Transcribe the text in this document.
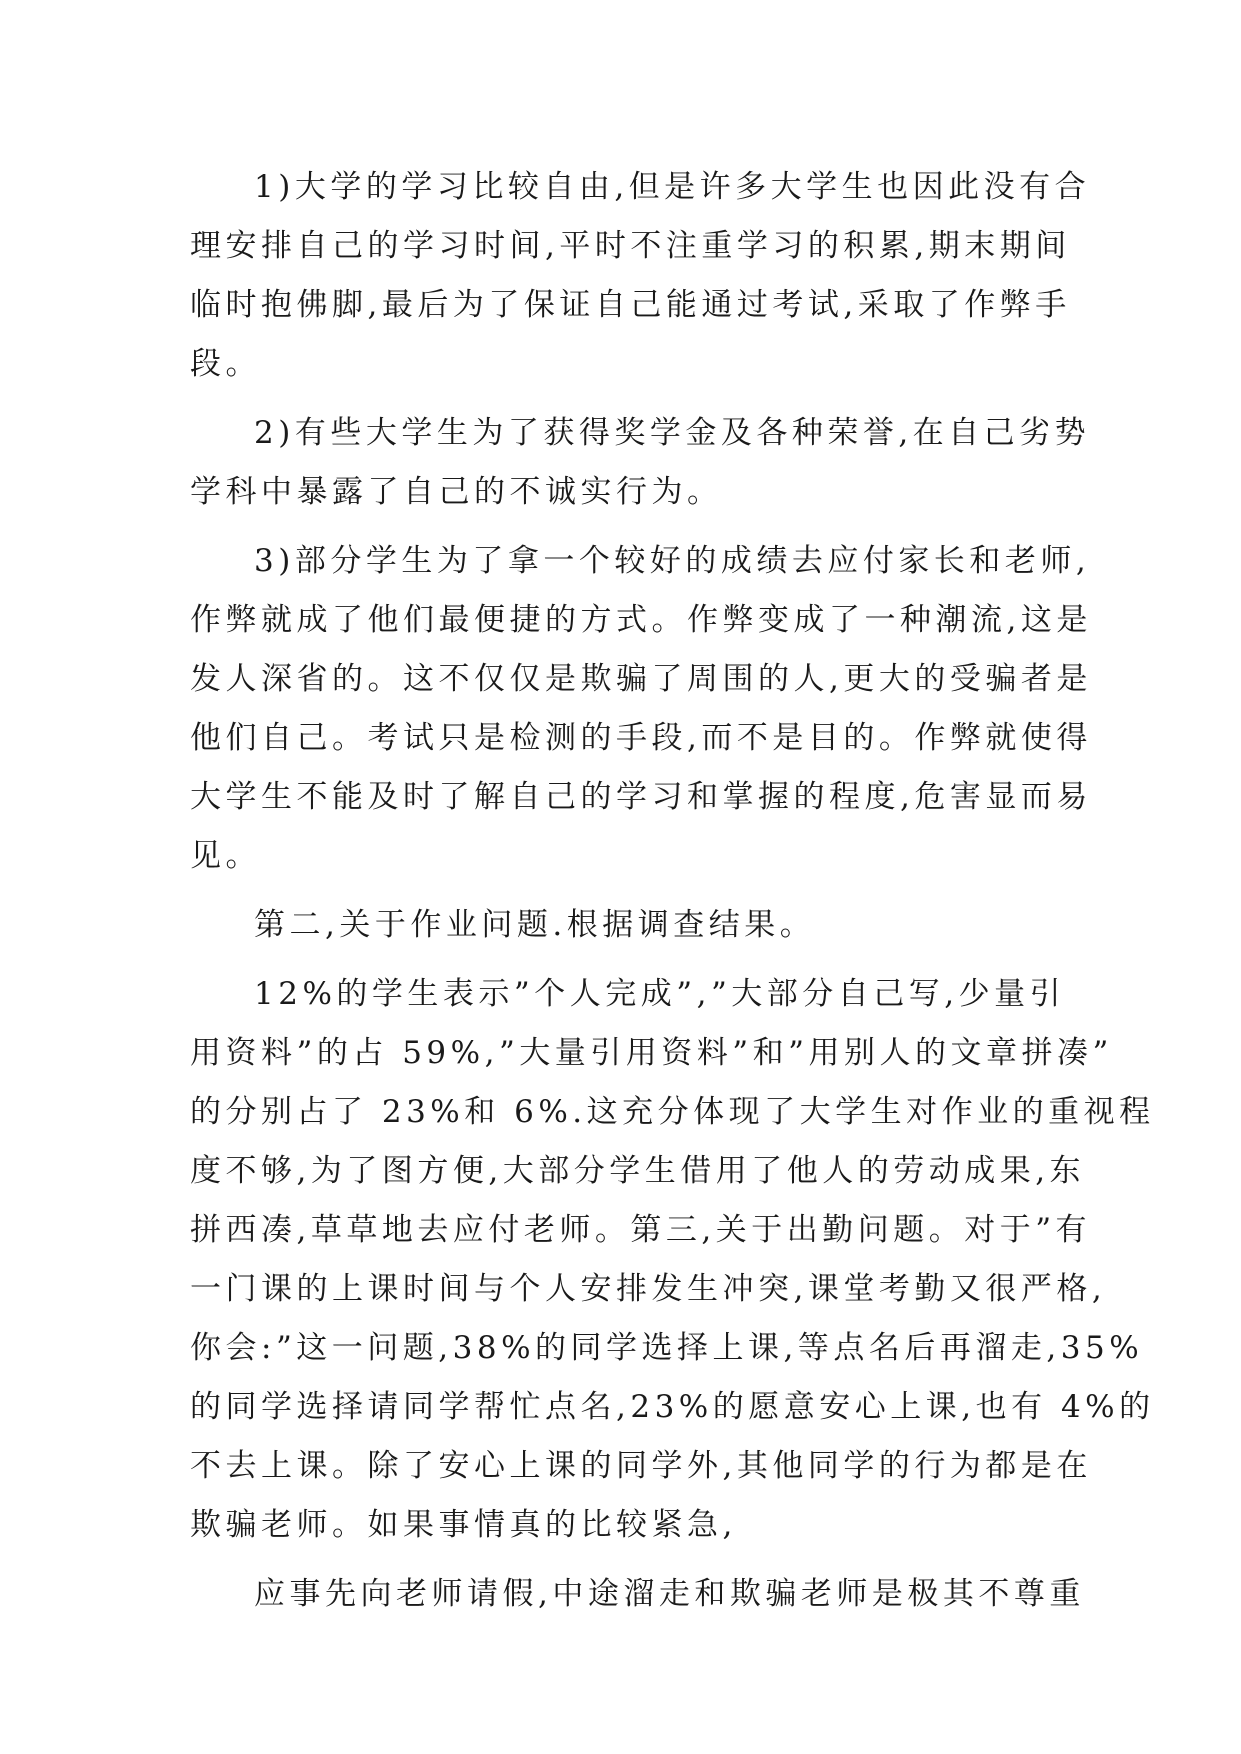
1)大学的学习比较自由,但是许多大学生也因此没有合
理安排自己的学习时间,平时不注重学习的积累,期末期间
临时抱佛脚,最后为了保证自己能通过考试,采取了作弊手
段。
2)有些大学生为了获得奖学金及各种荣誉,在自己劣势
学科中暴露了自己的不诚实行为。
3)部分学生为了拿一个较好的成绩去应付家长和老师,
作弊就成了他们最便捷的方式。作弊变成了一种潮流,这是
发人深省的。这不仅仅是欺骗了周围的人,更大的受骗者是
他们自己。考试只是检测的手段,而不是目的。作弊就使得
大学生不能及时了解自己的学习和掌握的程度,危害显而易
见。
第二,关于作业问题.根据调查结果。
12%的学生表示”个人完成”,”大部分自己写,少量引
用资料”的占 59%,”大量引用资料”和”用别人的文章拼凑”
的分别占了 23%和 6%.这充分体现了大学生对作业的重视程
度不够,为了图方便,大部分学生借用了他人的劳动成果,东
拼西凑,草草地去应付老师。第三,关于出勤问题。对于”有
一门课的上课时间与个人安排发生冲突,课堂考勤又很严格,
你会:”这一问题,38%的同学选择上课,等点名后再溜走,35%
的同学选择请同学帮忙点名,23%的愿意安心上课,也有 4%的
不去上课。除了安心上课的同学外,其他同学的行为都是在
欺骗老师。如果事情真的比较紧急,
应事先向老师请假,中途溜走和欺骗老师是极其不尊重
